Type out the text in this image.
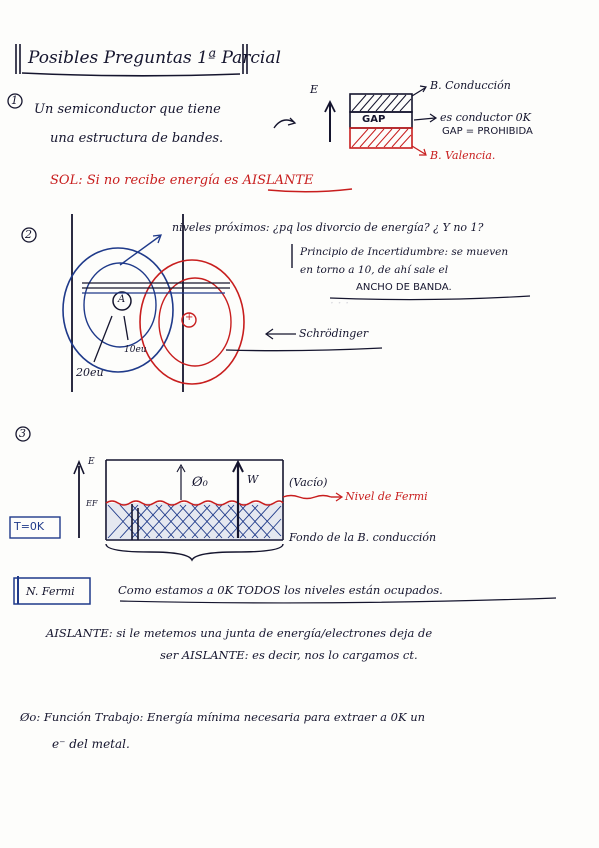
· · ·
Posibles Preguntas 1ª Parcial
1
Un semiconductor que tiene
una estructura de bandes.
E	B. Conducción
GAP	es conductor 0K
GAP = PROHIBIDA
B. Valencia.
SOL: Si no recibe energía es AISLANTE
2
niveles próximos: ¿pq los divorcio de energía? ¿ Y no 1?
Principio de Incertidumbre: se mueven
en torno a 10, de ahí sale el
ANCHO DE BANDA.
A
+
10eu
20eu
Schrödinger
3
E
EF
Ø₀	W	(Vacío)
Nivel de Fermi
T=0K
Fondo de la B. conducción
N. Fermi	Como estamos a 0K TODOS los niveles están ocupados.
AISLANTE: si le metemos una junta de energía/electrones deja de
ser AISLANTE: es decir, nos lo cargamos ct.
Øo: Función Trabajo: Energía mínima necesaria para extraer a 0K un
e⁻ del metal.
